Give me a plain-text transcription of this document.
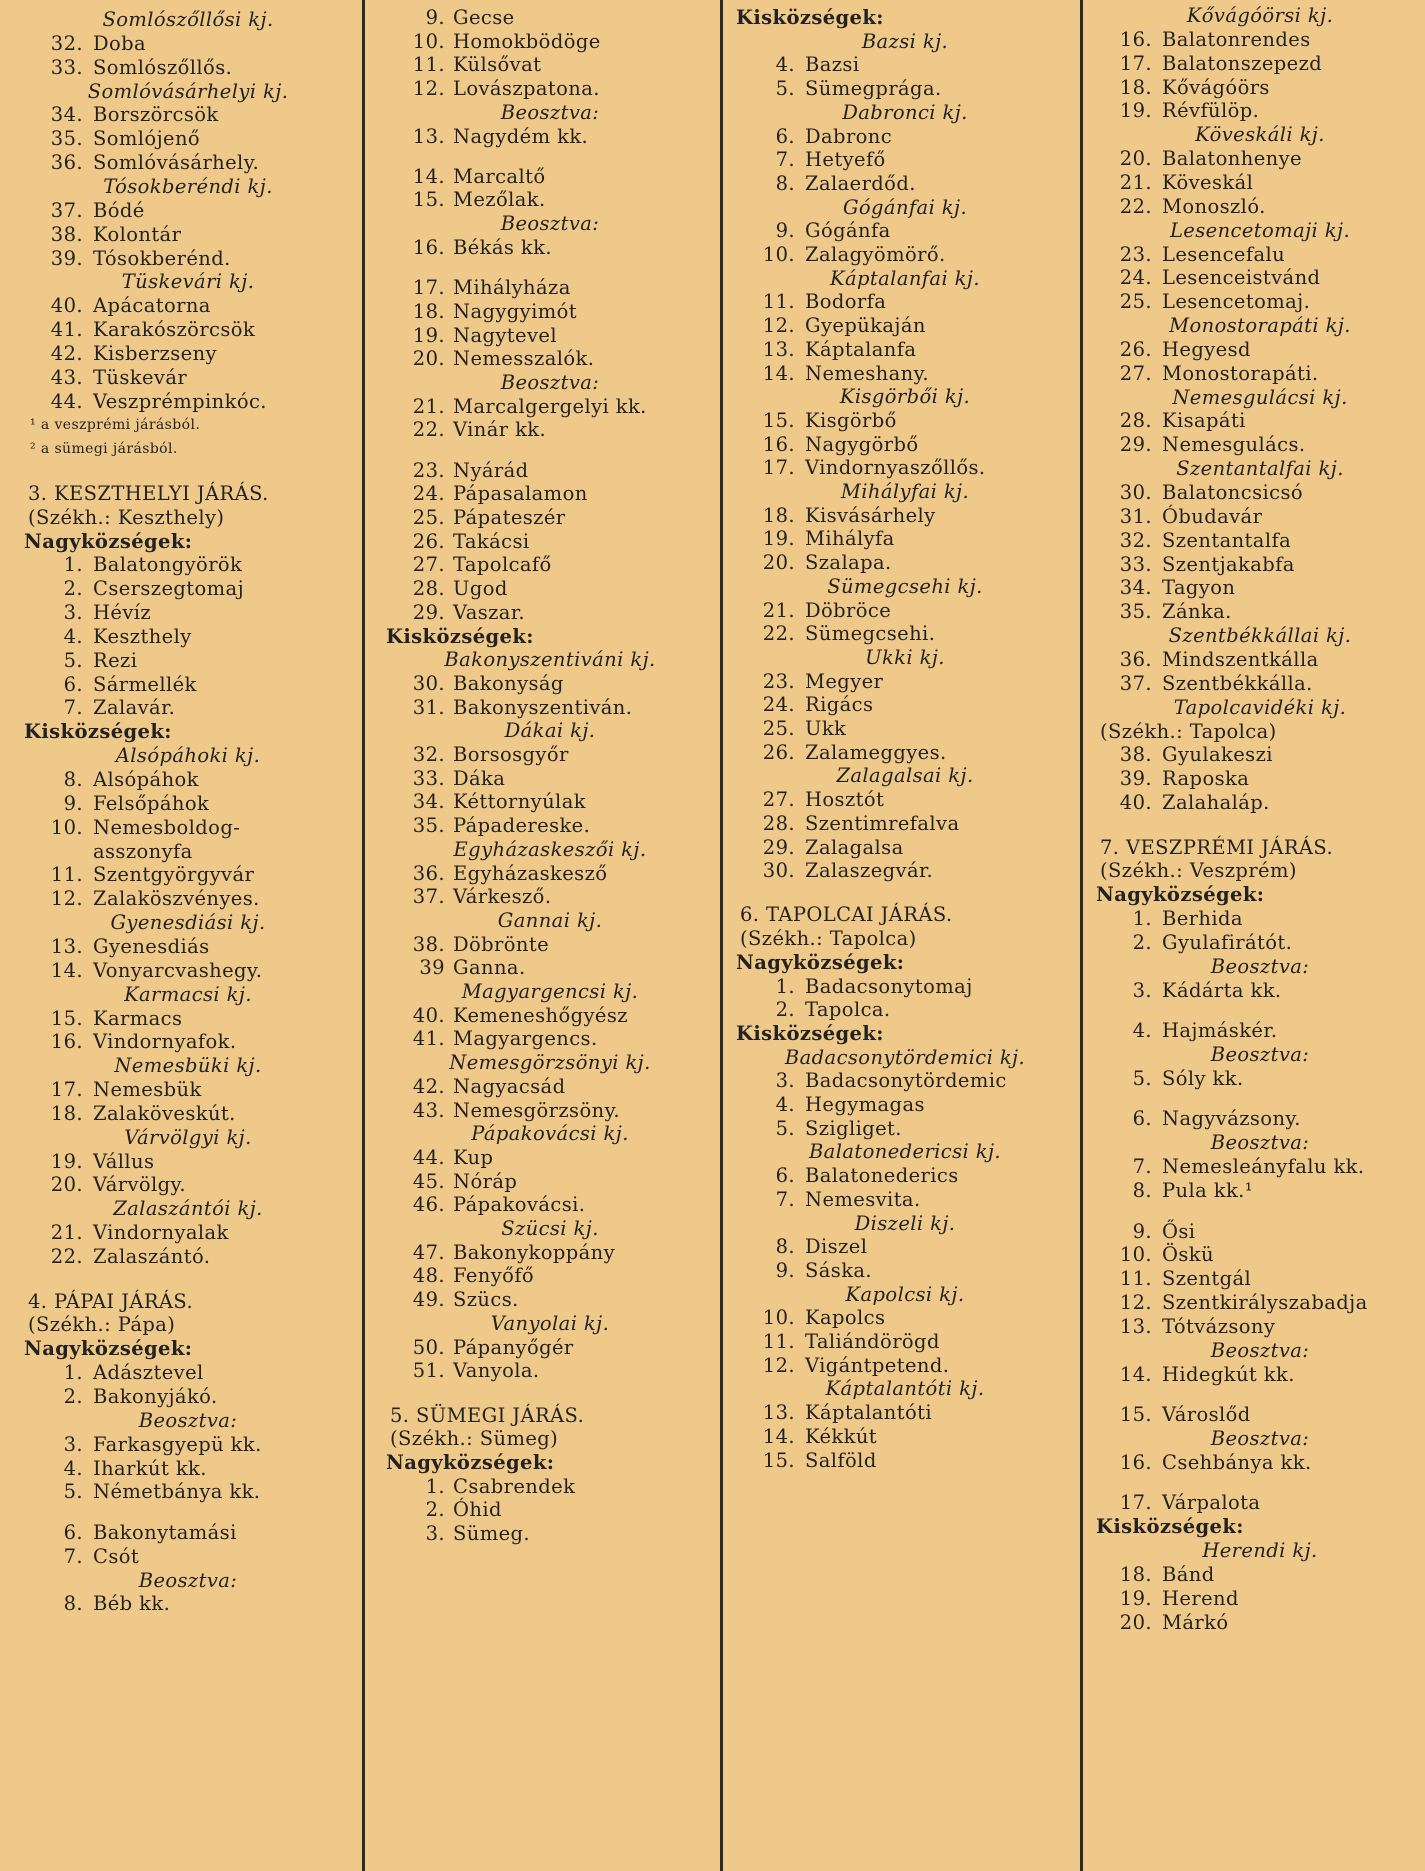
Somlószőllősi kj.
32. Doba
33. Somlószőllős.
Somlóvásárhelyi kj.
34. Borszörcsök
35. Somlójenő
36. Somlóvásárhely.
Tósokberéndi kj.
37. Bódé
38. Kolontár
39. Tósokberénd.
Tüskevári kj.
40. Apácatorna
41. Karakószörcsök
42. Kisberzseny
43. Tüskevár
44. Veszprémpinkóc.
¹ a veszprémi járásból.
² a sümegi járásból.
3. KESZTHELYI JÁRÁS.
(Székh.: Keszthely)
Nagyközségek:
1. Balatongyörök
2. Cserszegtomaj
3. Hévíz
4. Keszthely
5. Rezi
6. Sármellék
7. Zalavár.
Kisközségek:
Alsópáhoki kj.
8. Alsópáhok
9. Felsőpáhok
10. Nemesboldog-
asszonyfa
11. Szentgyörgyvár
12. Zalaköszvényes.
Gyenesdiási kj.
13. Gyenesdiás
14. Vonyarcvashegy.
Karmacsi kj.
15. Karmacs
16. Vindornyafok.
Nemesbüki kj.
17. Nemesbük
18. Zalaköveskút.
Várvölgyi kj.
19. Vállus
20. Várvölgy.
Zalaszántói kj.
21. Vindornyalak
22. Zalaszántó.
4. PÁPAI JÁRÁS.
(Székh.: Pápa)
Nagyközségek:
1. Adásztevel
2. Bakonyjákó.
Beosztva:
3. Farkasgyepü kk.
4. Iharkút kk.
5. Németbánya kk.
6. Bakonytamási
7. Csót
Beosztva:
8. Béb kk.
9. Gecse
10. Homokbödöge
11. Külsővat
12. Lovászpatona.
Beosztva:
13. Nagydém kk.
14. Marcaltő
15. Mezőlak.
Beosztva:
16. Békás kk.
17. Mihályháza
18. Nagygyimót
19. Nagytevel
20. Nemesszalók.
Beosztva:
21. Marcalgergelyi kk.
22. Vinár kk.
23. Nyárád
24. Pápasalamon
25. Pápateszér
26. Takácsi
27. Tapolcafő
28. Ugod
29. Vaszar.
Kisközségek:
Bakonyszentiváni kj.
30. Bakonyság
31. Bakonyszentiván.
Dákai kj.
32. Borsosgyőr
33. Dáka
34. Kéttornyúlak
35. Pápadereske.
Egyházaskeszői kj.
36. Egyházaskesző
37. Várkesző.
Gannai kj.
38. Döbrönte
39 Ganna.
Magyargencsi kj.
40. Kemeneshőgyész
41. Magyargencs.
Nemesgörzsönyi kj.
42. Nagyacsád
43. Nemesgörzsöny.
Pápakovácsi kj.
44. Kup
45. Nóráp
46. Pápakovácsi.
Szücsi kj.
47. Bakonykoppány
48. Fenyőfő
49. Szücs.
Vanyolai kj.
50. Pápanyőgér
51. Vanyola.
5. SÜMEGI JÁRÁS.
(Székh.: Sümeg)
Nagyközségek:
1. Csabrendek
2. Óhid
3. Sümeg.
Kisközségek:
Bazsi kj.
4. Bazsi
5. Sümegprága.
Dabronci kj.
6. Dabronc
7. Hetyefő
8. Zalaerdőd.
Gógánfai kj.
9. Gógánfa
10. Zalagyömörő.
Káptalanfai kj.
11. Bodorfa
12. Gyepükaján
13. Káptalanfa
14. Nemeshany.
Kisgörbői kj.
15. Kisgörbő
16. Nagygörbő
17. Vindornyaszőllős.
Mihályfai kj.
18. Kisvásárhely
19. Mihályfa
20. Szalapa.
Sümegcsehi kj.
21. Döbröce
22. Sümegcsehi.
Ukki kj.
23. Megyer
24. Rigács
25. Ukk
26. Zalameggyes.
Zalagalsai kj.
27. Hosztót
28. Szentimrefalva
29. Zalagalsa
30. Zalaszegvár.
6. TAPOLCAI JÁRÁS.
(Székh.: Tapolca)
Nagyközségek:
1. Badacsonytomaj
2. Tapolca.
Kisközségek:
Badacsonytördemici kj.
3. Badacsonytördemic
4. Hegymagas
5. Szigliget.
Balatonedericsi kj.
6. Balatonederics
7. Nemesvita.
Diszeli kj.
8. Diszel
9. Sáska.
Kapolcsi kj.
10. Kapolcs
11. Taliándörögd
12. Vigántpetend.
Káptalantóti kj.
13. Káptalantóti
14. Kékkút
15. Salföld
Kővágóörsi kj.
16. Balatonrendes
17. Balatonszepezd
18. Kővágóörs
19. Révfülöp.
Köveskáli kj.
20. Balatonhenye
21. Köveskál
22. Monoszló.
Lesencetomaji kj.
23. Lesencefalu
24. Lesenceistvánd
25. Lesencetomaj.
Monostorapáti kj.
26. Hegyesd
27. Monostorapáti.
Nemesgulácsi kj.
28. Kisapáti
29. Nemesgulács.
Szentantalfai kj.
30. Balatoncsicsó
31. Óbudavár
32. Szentantalfa
33. Szentjakabfa
34. Tagyon
35. Zánka.
Szentbékkállai kj.
36. Mindszentkálla
37. Szentbékkálla.
Tapolcavidéki kj.
(Székh.: Tapolca)
38. Gyulakeszi
39. Raposka
40. Zalahaláp.
7. VESZPRÉMI JÁRÁS.
(Székh.: Veszprém)
Nagyközségek:
1. Berhida
2. Gyulafirátót.
Beosztva:
3. Kádárta kk.
4. Hajmáskér.
Beosztva:
5. Sóly kk.
6. Nagyvázsony.
Beosztva:
7. Nemesleányfalu kk.
8. Pula kk.¹
9. Ősi
10. Öskü
11. Szentgál
12. Szentkirályszabadja
13. Tótvázsony
Beosztva:
14. Hidegkút kk.
15. Városlőd
Beosztva:
16. Csehbánya kk.
17. Várpalota
Kisközségek:
Herendi kj.
18. Bánd
19. Herend
20. Márkó
